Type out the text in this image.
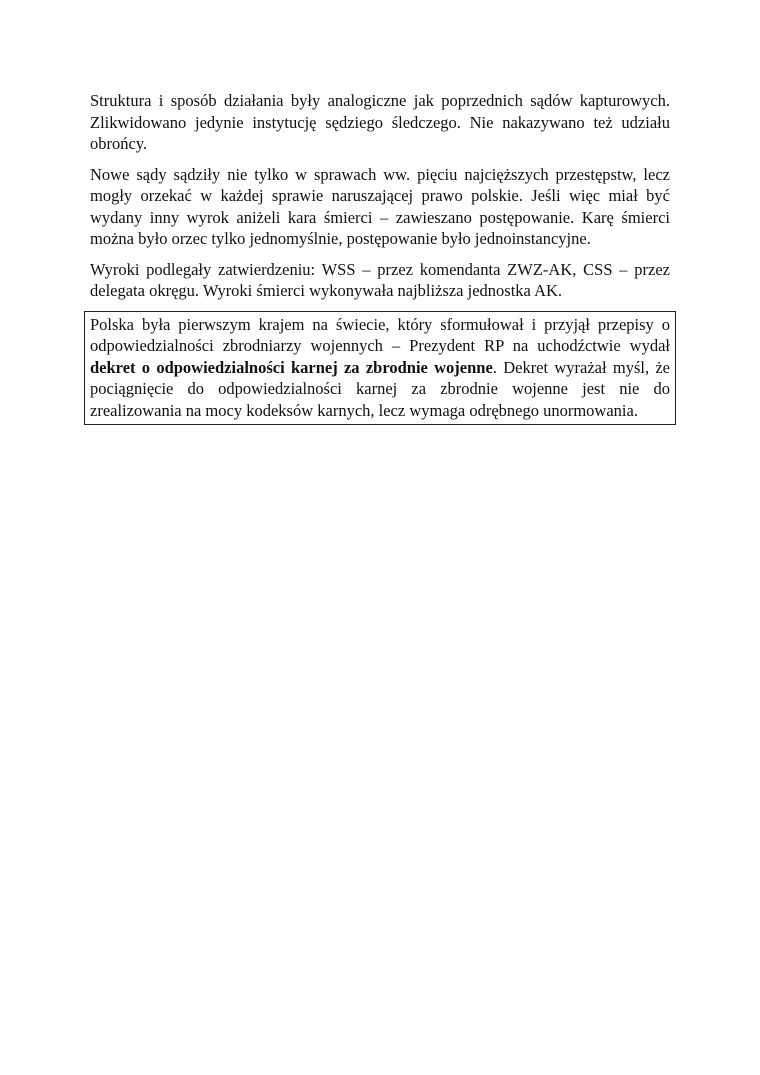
Struktura i sposób działania były analogiczne jak poprzednich sądów kapturowych. Zlikwidowano jedynie instytucję sędziego śledczego. Nie nakazywano też udziału obrońcy.

Nowe sądy sądziły nie tylko w sprawach ww. pięciu najcięższych przestępstw, lecz mogły orzekać w każdej sprawie naruszającej prawo polskie. Jeśli więc miał być wydany inny wyrok aniżeli kara śmierci – zawieszano postępowanie. Karę śmierci można było orzec tylko jednomyślnie, postępowanie było jednoinstancyjne.

Wyroki podlegały zatwierdzeniu: WSS – przez komendanta ZWZ-AK, CSS – przez delegata okręgu. Wyroki śmierci wykonywała najbliższa jednostka AK.

Polska była pierwszym krajem na świecie, który sformułował i przyjął przepisy o odpowiedzialności zbrodniarzy wojennych – Prezydent RP na uchodźctwie wydał dekret o odpowiedzialności karnej za zbrodnie wojenne. Dekret wyrażał myśl, że pociągnięcie do odpowiedzialności karnej za zbrodnie wojenne jest nie do zrealizowania na mocy kodeksów karnych, lecz wymaga odrębnego unormowania.
